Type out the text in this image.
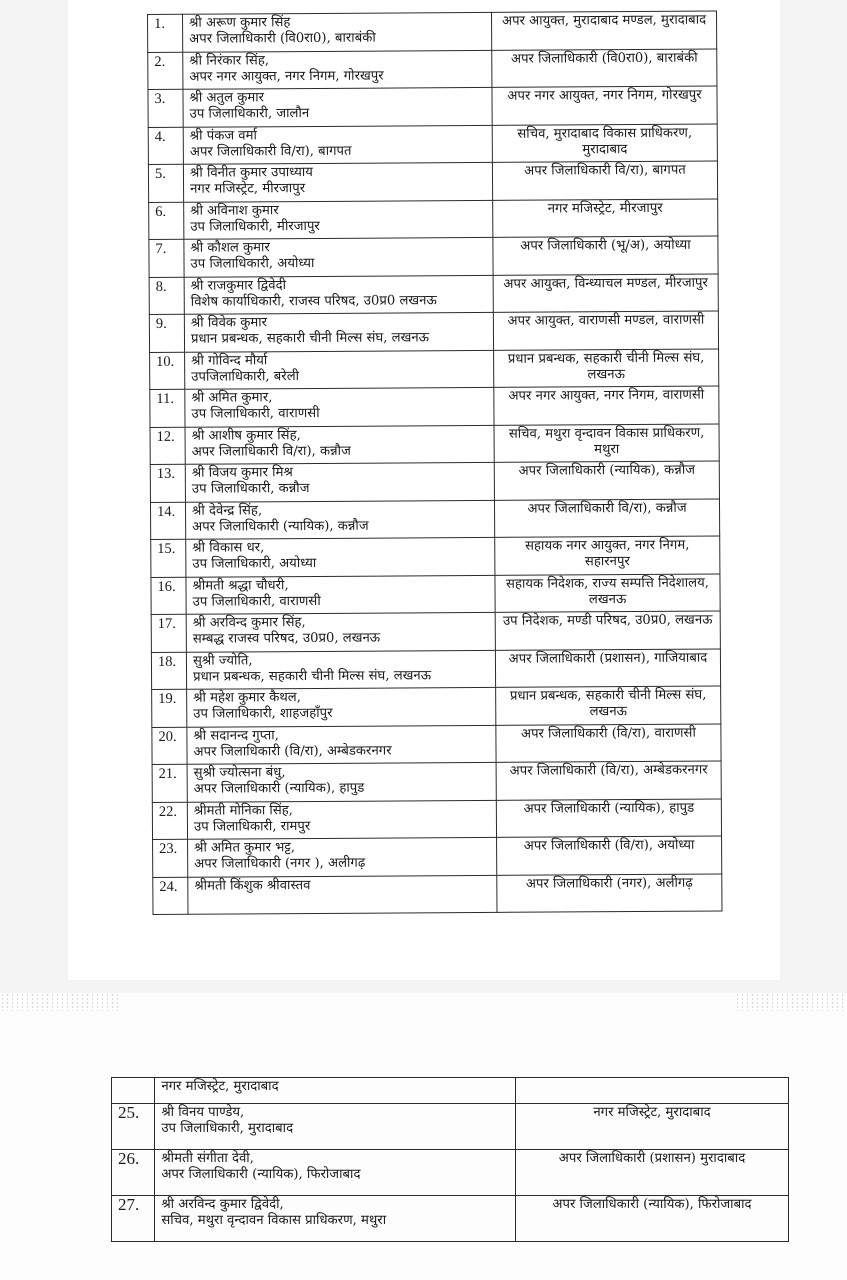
1.	श्री अरूण कुमार सिंह
अपर जिलाधिकारी (वि0रा0), बाराबंकी	अपर आयुक्त, मुरादाबाद मण्डल, मुरादाबाद
2.	श्री निरंकार सिंह,
अपर नगर आयुक्त, नगर निगम, गोरखपुर	अपर जिलाधिकारी (वि0रा0), बाराबंकी
3.	श्री अतुल कुमार
उप जिलाधिकारी, जालौन	अपर नगर आयुक्त, नगर निगम, गोरखपुर
4.	श्री पंकज वर्मा
अपर जिलाधिकारी वि/रा), बागपत	सचिव, मुरादाबाद विकास प्राधिकरण, मुरादाबाद
5.	श्री विनीत कुमार उपाध्याय
नगर मजिस्ट्रेट, मीरजापुर	अपर जिलाधिकारी वि/रा), बागपत
6.	श्री अविनाश कुमार
उप जिलाधिकारी, मीरजापुर	नगर मजिस्ट्रेट, मीरजापुर
7.	श्री कौशल कुमार
उप जिलाधिकारी, अयोध्या	अपर जिलाधिकारी (भू/अ), अयोध्या
8.	श्री राजकुमार द्विवेदी
विशेष कार्याधिकारी, राजस्व परिषद, उ0प्र0 लखनऊ	अपर आयुक्त, विन्ध्याचल मण्डल, मीरजापुर
9.	श्री विवेक कुमार
प्रधान प्रबन्धक, सहकारी चीनी मिल्स संघ, लखनऊ	अपर आयुक्त, वाराणसी मण्डल, वाराणसी
10.	श्री गोविन्द मौर्या
उपजिलाधिकारी, बरेली	प्रधान प्रबन्धक, सहकारी चीनी मिल्स संघ, लखनऊ
11.	श्री अमित कुमार,
उप जिलाधिकारी, वाराणसी	अपर नगर आयुक्त, नगर निगम, वाराणसी
12.	श्री आशीष कुमार सिंह,
अपर जिलाधिकारी वि/रा), कन्नौज	सचिव, मथुरा वृन्दावन विकास प्राधिकरण, मथुरा
13.	श्री विजय कुमार मिश्र
उप जिलाधिकारी, कन्नौज	अपर जिलाधिकारी (न्यायिक), कन्नौज
14.	श्री देवेन्द्र सिंह,
अपर जिलाधिकारी (न्यायिक), कन्नौज	अपर जिलाधिकारी वि/रा), कन्नौज
15.	श्री विकास धर,
उप जिलाधिकारी, अयोध्या	सहायक नगर आयुक्त, नगर निगम, सहारनपुर
16.	श्रीमती श्रद्धा चौधरी,
उप जिलाधिकारी, वाराणसी	सहायक निदेशक, राज्य सम्पत्ति निदेशालय, लखनऊ
17.	श्री अरविन्द कुमार सिंह,
सम्बद्ध राजस्व परिषद, उ0प्र0, लखनऊ	उप निदेशक, मण्डी परिषद, उ0प्र0, लखनऊ
18.	सुश्री ज्योति,
प्रधान प्रबन्धक, सहकारी चीनी मिल्स संघ, लखनऊ	अपर जिलाधिकारी (प्रशासन), गाजियाबाद
19.	श्री महेश कुमार कैथल,
उप जिलाधिकारी, शाहजहाँपुर	प्रधान प्रबन्धक, सहकारी चीनी मिल्स संघ, लखनऊ
20.	श्री सदानन्द गुप्ता,
अपर जिलाधिकारी (वि/रा), अम्बेडकरनगर	अपर जिलाधिकारी (वि/रा), वाराणसी
21.	सुश्री ज्योत्सना बंधु,
अपर जिलाधिकारी (न्यायिक), हापुड	अपर जिलाधिकारी (वि/रा), अम्बेडकरनगर
22.	श्रीमती मोनिका सिंह,
उप जिलाधिकारी, रामपुर	अपर जिलाधिकारी (न्यायिक), हापुड
23.	श्री अमित कुमार भट्ट,
अपर जिलाधिकारी (नगर ), अलीगढ़	अपर जिलाधिकारी (वि/रा), अयोध्या
24.	श्रीमती किंशुक श्रीवास्तव	अपर जिलाधिकारी (नगर), अलीगढ़
	नगर मजिस्ट्रेट, मुरादाबाद	
25.	श्री विनय पाण्डेय,
उप जिलाधिकारी, मुरादाबाद	नगर मजिस्ट्रेट, मुरादाबाद
26.	श्रीमती संगीता देवी,
अपर जिलाधिकारी (न्यायिक), फिरोजाबाद	अपर जिलाधिकारी (प्रशासन) मुरादाबाद
27.	श्री अरविन्द कुमार द्विवेदी,
सचिव, मथुरा वृन्दावन विकास प्राधिकरण, मथुरा	अपर जिलाधिकारी (न्यायिक), फिरोजाबाद
